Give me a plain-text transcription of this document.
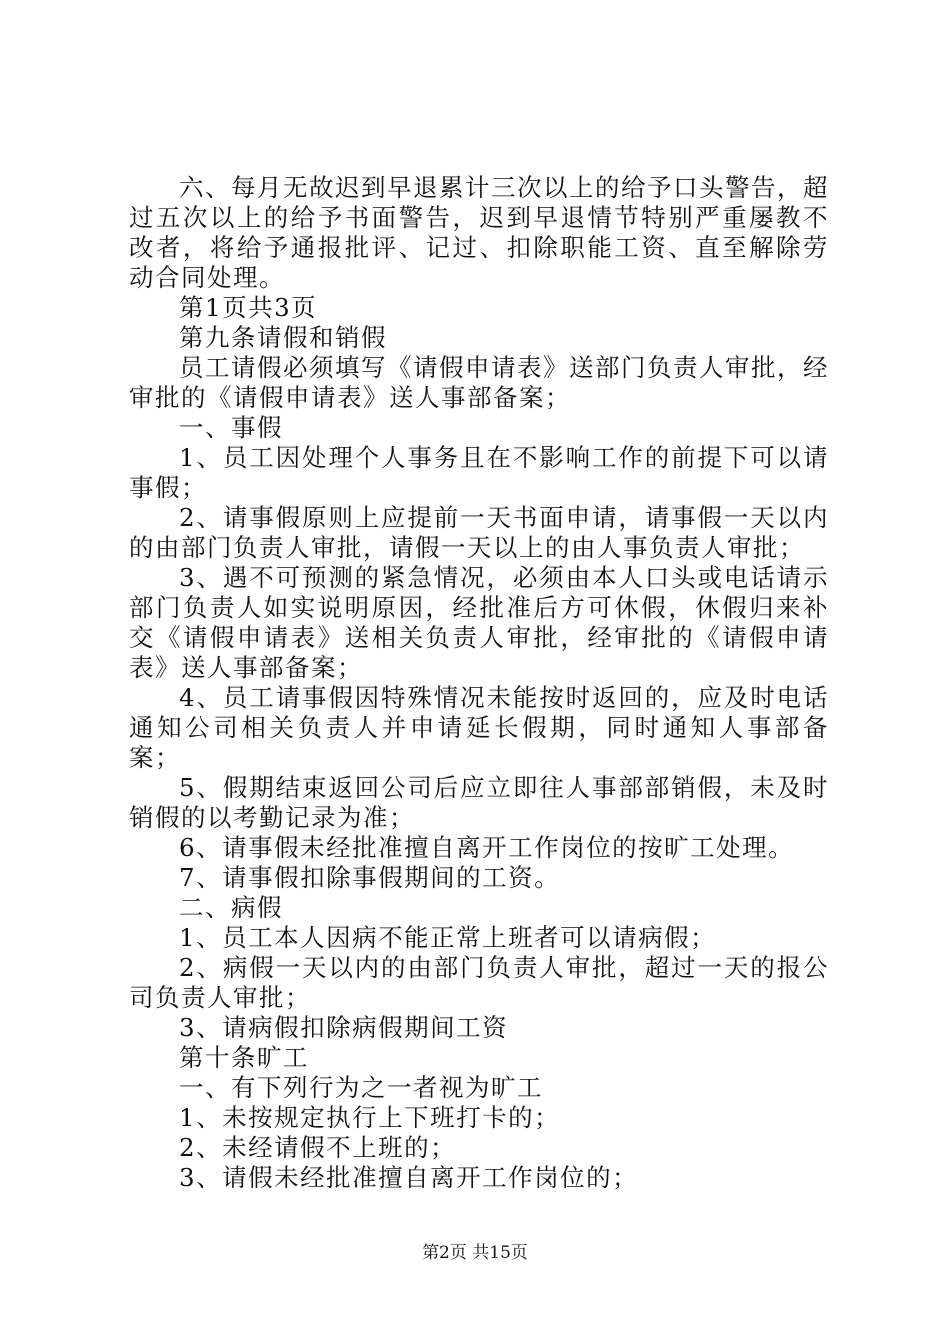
六、每月无故迟到早退累计三次以上的给予口头警告，超过五次以上的给予书面警告，迟到早退情节特别严重屡教不改者，将给予通报批评、记过、扣除职能工资、直至解除劳动合同处理。

第1页共3页

第九条请假和销假

员工请假必须填写《请假申请表》送部门负责人审批，经审批的《请假申请表》送人事部备案；

一、事假

1、员工因处理个人事务且在不影响工作的前提下可以请事假；

2、请事假原则上应提前一天书面申请，请事假一天以内的由部门负责人审批，请假一天以上的由人事负责人审批；

3、遇不可预测的紧急情况，必须由本人口头或电话请示部门负责人如实说明原因，经批准后方可休假，休假归来补交《请假申请表》送相关负责人审批，经审批的《请假申请表》送人事部备案；

4、员工请事假因特殊情况未能按时返回的，应及时电话通知公司相关负责人并申请延长假期，同时通知人事部备案；

5、假期结束返回公司后应立即往人事部部销假，未及时销假的以考勤记录为准；

6、请事假未经批准擅自离开工作岗位的按旷工处理。

7、请事假扣除事假期间的工资。

二、病假

1、员工本人因病不能正常上班者可以请病假；

2、病假一天以内的由部门负责人审批，超过一天的报公司负责人审批；

3、请病假扣除病假期间工资

第十条旷工

一、有下列行为之一者视为旷工

1、未按规定执行上下班打卡的；

2、未经请假不上班的；

3、请假未经批准擅自离开工作岗位的；

第2页 共15页
